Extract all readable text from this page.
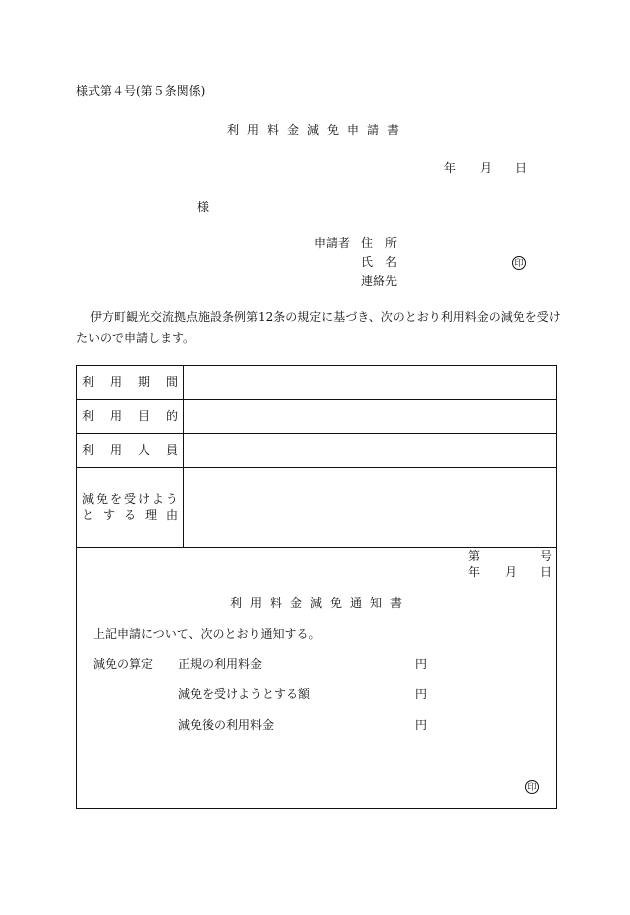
様式第４号(第５条関係)
利用料金減免申請書
年 月 日
様
申請者 住　所
氏　名	印
連絡先
伊方町観光交流拠点施設条例第12条の規定に基づき、次のとおり利用料金の減免を受け
たいので申請します。
利 用 期 間
利 用 目 的
利 用 人 員
減 免 を 受 け よ う
と す る 理 由
第	号
年 月 日
利用料金減免通知書
上記申請について、次のとおり通知する。
減免の算定 正規の利用料金	円
減免を受けようとする額	円
減免後の利用料金	円
印
